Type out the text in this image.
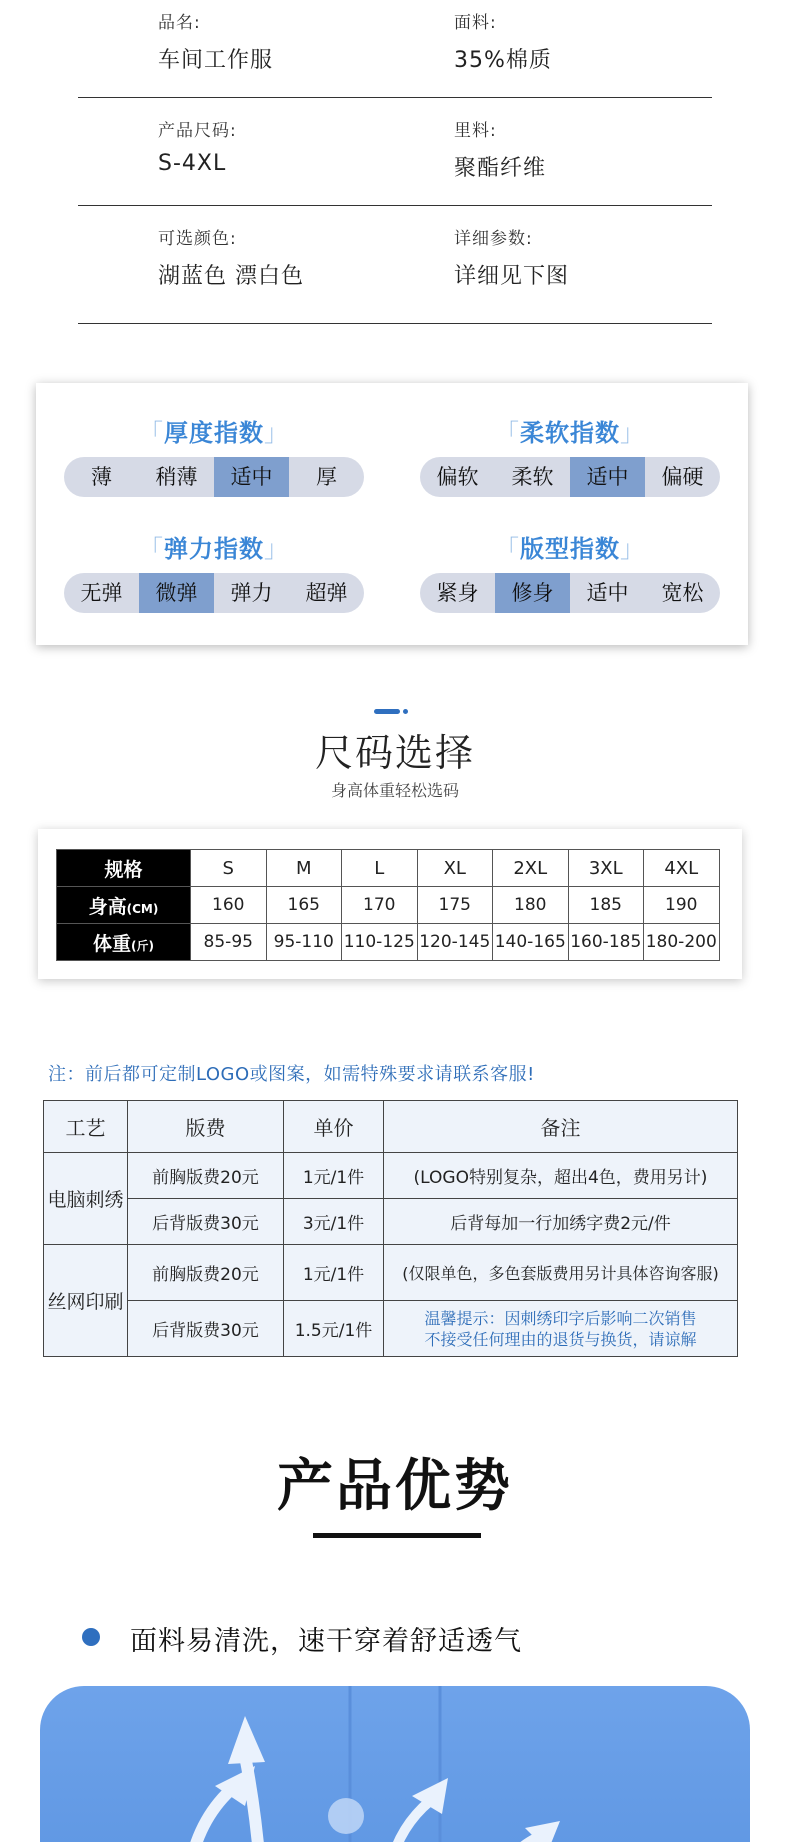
品名:
车间工作服
面料:
35%棉质
产品尺码:
S-4XL
里料:
聚酯纤维
可选颜色:
湖蓝色 漂白色
详细参数:
详细见下图
「厚度指数」
薄	稍薄	适中	厚
「柔软指数」
偏软	柔软	适中	偏硬
「弹力指数」
无弹	微弹	弹力	超弹
「版型指数」
紧身	修身	适中	宽松
尺码选择
身高体重轻松选码
规格	S	M	L	XL	2XL	3XL	4XL
身高(CM)	160	165	170	175	180	185	190
体重(斤)	85-95	95-110	110-125	120-145	140-165	160-185	180-200
注：前后都可定制LOGO或图案，如需特殊要求请联系客服!
工艺	版费	单价	备注
电脑刺绣	前胸版费20元	1元/1件	(LOGO特别复杂，超出4色，费用另计)
	后背版费30元	3元/1件	后背每加一行加绣字费2元/件
丝网印刷	前胸版费20元	1元/1件	(仅限单色，多色套版费用另计具体咨询客服)
	后背版费30元	1.5元/1件	温馨提示：因刺绣印字后影响二次销售
不接受任何理由的退货与换货，请谅解
产品优势
面料易清洗，速干穿着舒适透气
